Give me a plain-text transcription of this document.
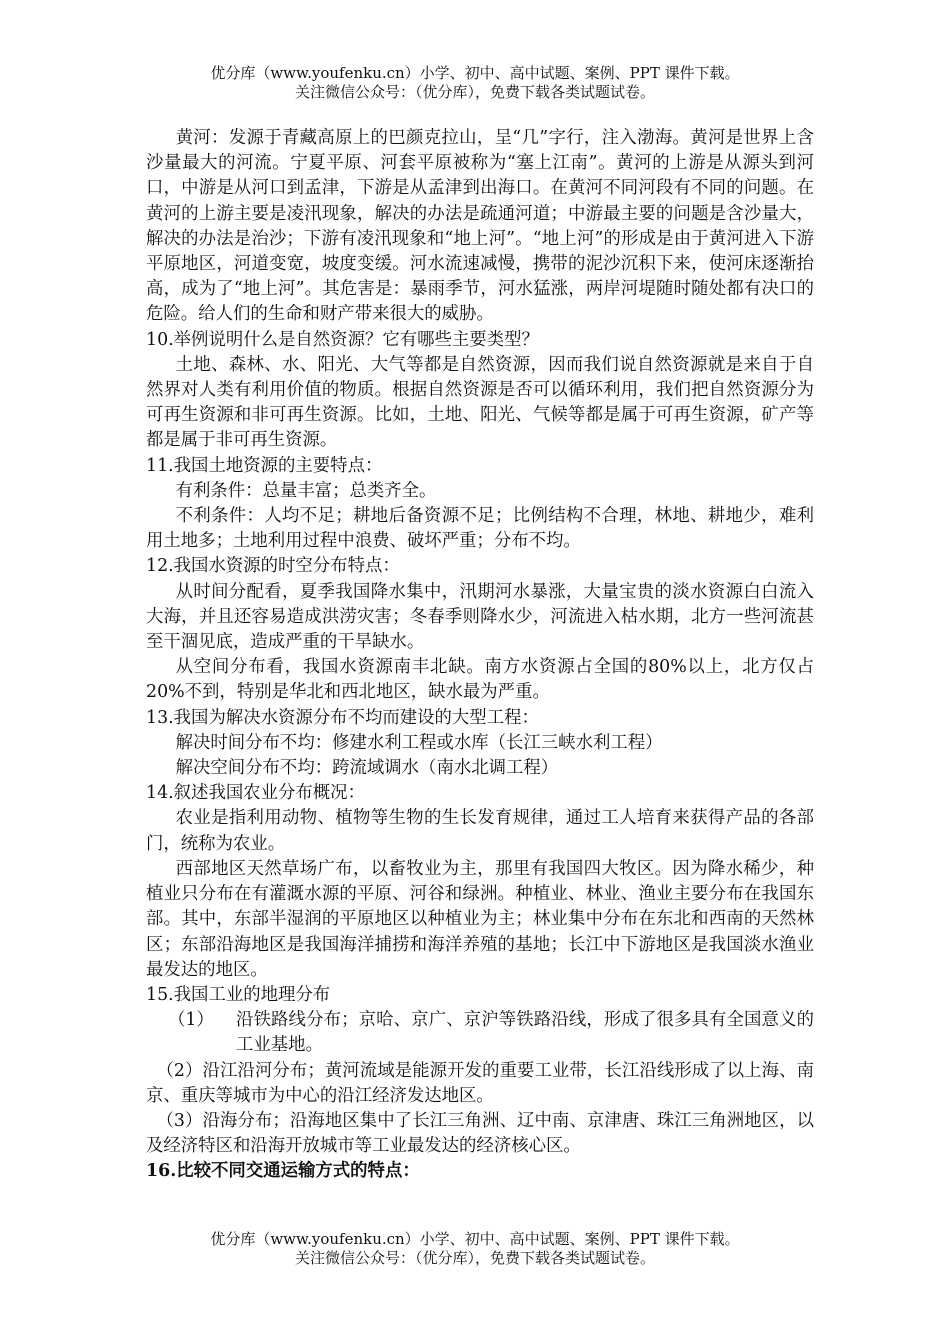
优分库（www.youfenku.cn）小学、初中、高中试题、案例、PPT 课件下载。
关注微信公众号：（优分库），免费下载各类试题试卷。

黄河：发源于青藏高原上的巴颜克拉山，呈“几”字行，注入渤海。黄河是世界上含沙量最大的河流。宁夏平原、河套平原被称为“塞上江南”。黄河的上游是从源头到河口，中游是从河口到孟津，下游是从孟津到出海口。在黄河不同河段有不同的问题。在黄河的上游主要是凌汛现象，解决的办法是疏通河道；中游最主要的问题是含沙量大，解决的办法是治沙；下游有凌汛现象和“地上河”。“地上河”的形成是由于黄河进入下游平原地区，河道变宽，坡度变缓。河水流速减慢，携带的泥沙沉积下来，使河床逐渐抬高，成为了“地上河”。其危害是：暴雨季节，河水猛涨，两岸河堤随时随处都有决口的危险。给人们的生命和财产带来很大的威胁。

10.举例说明什么是自然资源？它有哪些主要类型？

土地、森林、水、阳光、大气等都是自然资源，因而我们说自然资源就是来自于自然界对人类有利用价值的物质。根据自然资源是否可以循环利用，我们把自然资源分为可再生资源和非可再生资源。比如，土地、阳光、气候等都是属于可再生资源，矿产等都是属于非可再生资源。

11.我国土地资源的主要特点：

有利条件：总量丰富；总类齐全。

不利条件：人均不足；耕地后备资源不足；比例结构不合理，林地、耕地少，难利用土地多；土地利用过程中浪费、破坏严重；分布不均。

12.我国水资源的时空分布特点：

从时间分配看，夏季我国降水集中，汛期河水暴涨，大量宝贵的淡水资源白白流入大海，并且还容易造成洪涝灾害；冬春季则降水少，河流进入枯水期，北方一些河流甚至干涸见底，造成严重的干旱缺水。

从空间分布看，我国水资源南丰北缺。南方水资源占全国的80%以上，北方仅占20%不到，特别是华北和西北地区，缺水最为严重。

13.我国为解决水资源分布不均而建设的大型工程：

解决时间分布不均：修建水利工程或水库（长江三峡水利工程）

解决空间分布不均：跨流域调水（南水北调工程）

14.叙述我国农业分布概况：

农业是指利用动物、植物等生物的生长发育规律，通过工人培育来获得产品的各部门，统称为农业。

西部地区天然草场广布，以畜牧业为主，那里有我国四大牧区。因为降水稀少，种植业只分布在有灌溉水源的平原、河谷和绿洲。种植业、林业、渔业主要分布在我国东部。其中，东部半湿润的平原地区以种植业为主；林业集中分布在东北和西南的天然林区；东部沿海地区是我国海洋捕捞和海洋养殖的基地；长江中下游地区是我国淡水渔业最发达的地区。

15.我国工业的地理分布

（1）	沿铁路线分布；京哈、京广、京沪等铁路沿线，形成了很多具有全国意义的工业基地。

（2）沿江沿河分布；黄河流域是能源开发的重要工业带，长江沿线形成了以上海、南京、重庆等城市为中心的沿江经济发达地区。

（3）沿海分布；沿海地区集中了长江三角洲、辽中南、京津唐、珠江三角洲地区，以及经济特区和沿海开放城市等工业最发达的经济核心区。

16.比较不同交通运输方式的特点：

优分库（www.youfenku.cn）小学、初中、高中试题、案例、PPT 课件下载。
关注微信公众号：（优分库），免费下载各类试题试卷。
